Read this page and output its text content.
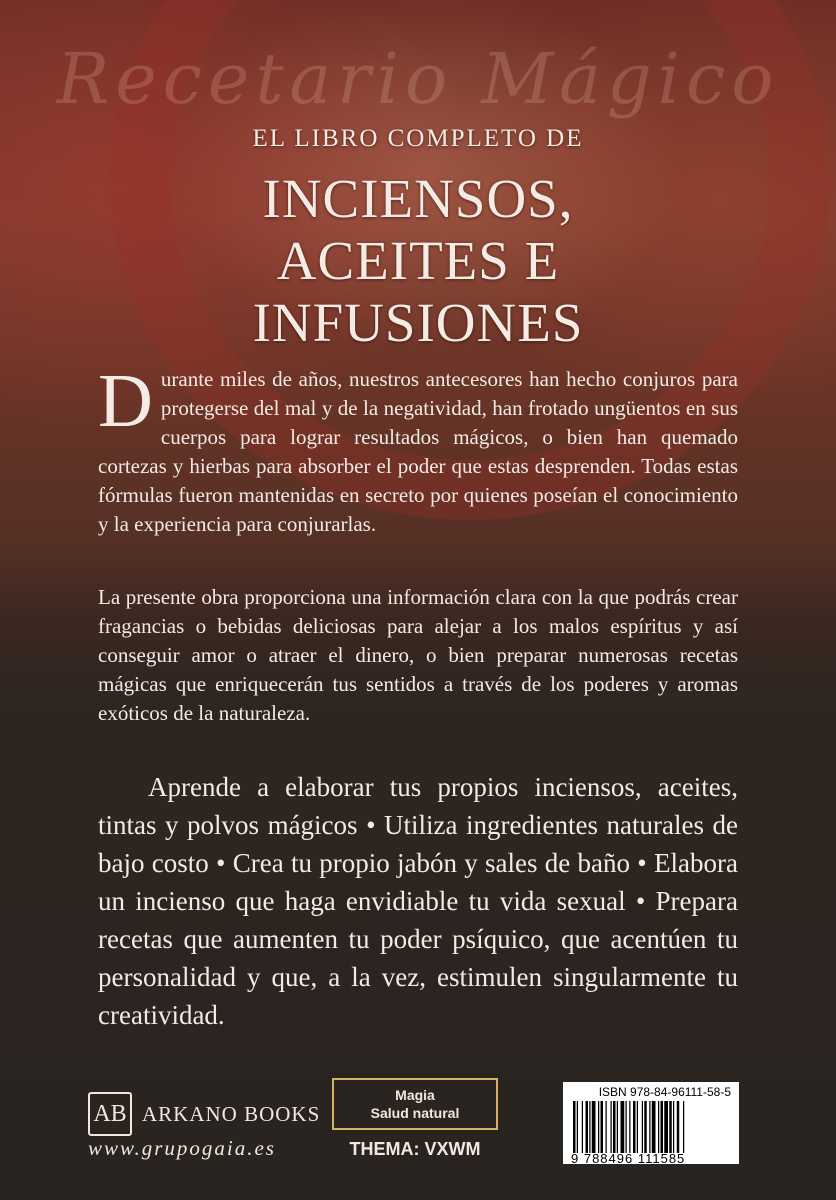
Recetario Mágico
EL LIBRO COMPLETO DE
INCIENSOS,
ACEITES E
INFUSIONES

Durante miles de años, nuestros antecesores han hecho conjuros para protegerse del mal y de la negatividad, han frotado ungüentos en sus cuerpos para lograr resultados mágicos, o bien han quemado cortezas y hierbas para absorber el poder que estas desprenden. Todas estas fórmulas fueron mantenidas en secreto por quienes poseían el conocimiento y la experiencia para conjurarlas.

La presente obra proporciona una información clara con la que podrás crear fragancias o bebidas deliciosas para alejar a los malos espíritus y así conseguir amor o atraer el dinero, o bien preparar numerosas recetas mágicas que enriquecerán tus sentidos a través de los poderes y aromas exóticos de la naturaleza.

Aprende a elaborar tus propios inciensos, aceites, tintas y polvos mágicos • Utiliza ingredientes naturales de bajo costo • Crea tu propio jabón y sales de baño • Elabora un incienso que haga envidiable tu vida sexual • Prepara recetas que aumenten tu poder psíquico, que acentúen tu personalidad y que, a la vez, estimulen singularmente tu creatividad.

AB ARKANO BOOKS
www.grupogaia.es
Magia
Salud natural
THEMA: VXWM
ISBN 978-84-96111-58-5
9 788496 111585
